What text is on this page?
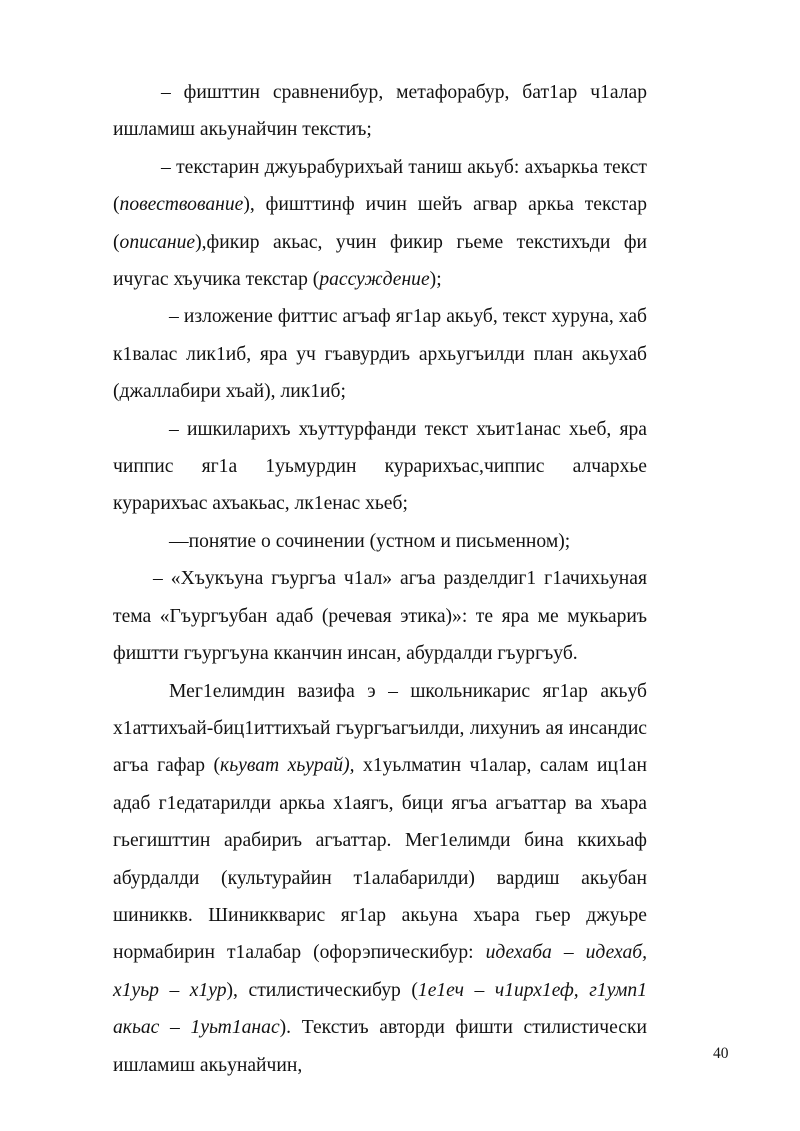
– фишттин сравненибур, метафорабур, бат1ар ч1алар ишламиш акьунайчин текстиъ;

– текстарин джуьрабурихъай таниш акьуб: ахъаркьа текст (повествование), фишттинф ичин шейъ агвар аркьа текстар (описание),фикир акьас, учин фикир гьеме текстихъди фи ичугас хъучика текстар (рассуждение);

– изложение фиттис агъаф яг1ар акьуб, текст хуруна, хаб к1валас лик1иб, яра уч гъавурдиъ архьугъилди план акьухаб (джаллабири хъай), лик1иб;

– ишкиларихъ хъуттурфанди текст хъит1анас хьеб, яра чиппис яг1а 1уьмурдин курарихъас,чиппис алчархье курарихъас ахъакьас, лк1енас хьеб;

—понятие о сочинении (устном и письменном);

– «Хъукъуна гъургъа ч1ал» агъа разделдиг1 г1ачихьуная тема «Гъургъубан адаб (речевая этика)»: те яра ме мукьариъ фиштти гъургъуна кканчин инсан, абурдалди гъургъуб.

Мег1елимдин вазифа э – школьникарис яг1ар акьуб х1аттихъай-биц1иттихъай гъургъагъилди, лихуниъ ая инсандис агъа гафар (кьуват хьурай), х1уьлматин ч1алар, салам иц1ан адаб г1едатарилди аркьа х1аягъ, бици ягъа агъаттар ва хъара гьегишттин арабириъ агъаттар. Мег1елимди бина ккихьаф абурдалди (культурайин т1алабарилди) вардиш акьубан шиниккв. Шиниккварис яг1ар акьуна хъара гьер джуьре нормабирин т1алабар (офорэпическибур: идехаба – идехаб, х1уьр – х1ур), стилистическибур (1е1еч – ч1ирх1еф, г1умп1 акьас – 1уьт1анас). Текстиъ авторди фишти стилистически ишламиш акьунайчин,

40
